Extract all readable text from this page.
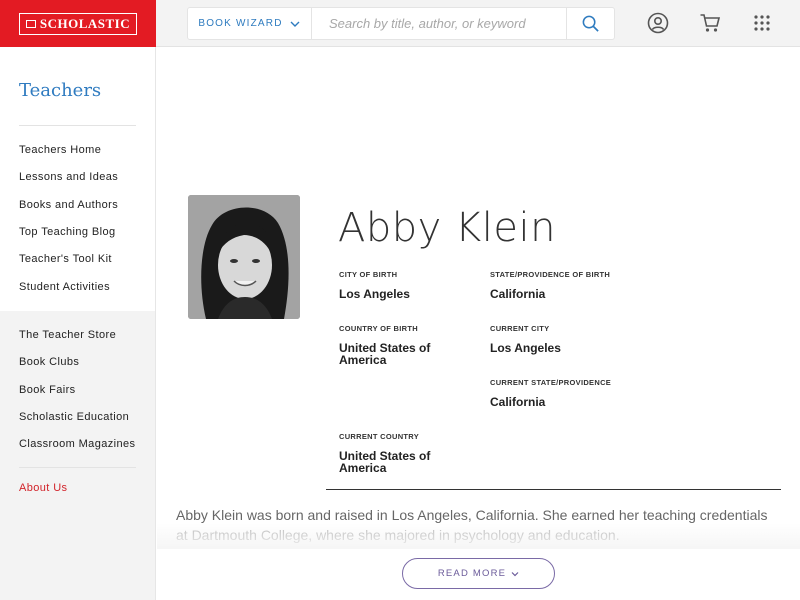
SCHOLASTIC	BOOK WIZARD
Search by title, author, or keyword
Teachers
Teachers Home
Lessons and Ideas
Books and Authors
Top Teaching Blog
Teacher's Tool Kit
Student Activities
The Teacher Store
Book Clubs
Book Fairs
Scholastic Education
Classroom Magazines
About Us
Abby Klein
CITY OF BIRTH
Los Angeles
STATE/PROVIDENCE OF BIRTH
California
COUNTRY OF BIRTH
United States of America
CURRENT CITY
Los Angeles
CURRENT STATE/PROVIDENCE
California
CURRENT COUNTRY
United States of America
Abby Klein was born and raised in Los Angeles, California. She earned her teaching credentials
READ MORE
